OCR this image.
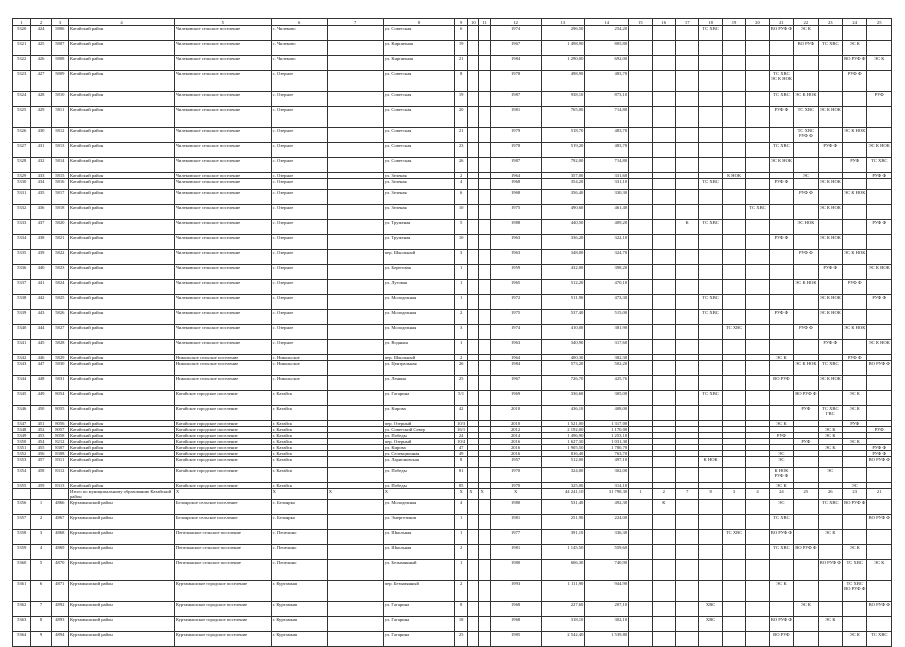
1	2	3	4	5	6	7	8	9	10	11	12	13	14	15	16	17	18	19	20	21	22	23	24	25
5320	424	5806	Катайский район	Чилековское сельское поселение	с. Чилеково		ул. Советская	6			1974	296,50	254,20				ТС ХВС			ВО РУФ Ф	ЭС К			
5321	425	5807	Катайский район	Чилековское сельское поселение	с. Чилеково		ул. Кирпичная	19			1967	1 498,90	805,80								ВО РУФ	ТС ХВС	ЭС К	
5322	426	5808	Катайский район	Чилековское сельское поселение	с. Чилеково		ул. Кирпичная	21			1984	1 290,00	692,00										ВО РУФ Ф	ЭС К
5323	427	5809	Катайский район	Чилековское сельское поселение	с. Озерное		ул. Советская	8			1978	498,90	483,70							ТС ХВС ЭС К НОК			РУФ Ф	
5324	428	5810	Катайский район	Чилековское сельское поселение	с. Озерное		ул. Советская	19			1987	938,10	873,10							ТС ХВС	ЭС К НОК			РУФ
5325	429	5811	Катайский район	Чилековское сельское поселение	с. Озерное		ул. Советская	20			1981	765,00	714,80							РУФ Ф	ТС ХВС	ЭС К НОК		
5326	430	5812	Катайский район	Чилековское сельское поселение	с. Озерное		ул. Советская	21			1979	518,70	483,70								ТС ХВС РУФ Ф		ЭС К НОК	
5327	431	5813	Катайский район	Чилековское сельское поселение	с. Озерное		ул. Советская	23			1978	519,20	483,70							ТС ХВС		РУФ Ф		ЭС К НОК
5328	432	5814	Катайский район	Чилековское сельское поселение	с. Озерное		ул. Советская	26			1987	792,00	714,80							ЭС К НОК			РУФ	ТС ХВС
5329	433	5815	Катайский район	Чилековское сельское поселение	с. Озерное		ул. Зеленая	2			1964	357,00	331,60					К НОК			ЭС			РУФ Ф
5330	434	5816	Катайский район	Чилековское сельское поселение	с. Озерное		ул. Зеленая	4			1968	354,20	331,10				ТС ХВС			РУФ Ф		ЭС К НОК		
5331	435	5817	Катайский район	Чилековское сельское поселение	с. Озерное		ул. Зеленая	6			1968	356,40	330,30								РУФ Ф		ЭС К НОК	
5332	436	5818	Катайский район	Чилековское сельское поселение	с. Озерное		ул. Зеленая	10			1975	490,60	461,40						ТС ХВС			ЭС К НОК		
5333	437	5820	Катайский район	Чилековское сельское поселение	с. Озерное		ул. Труженая	5			1988	440,50	409,20			К	ТС ХВС				ЭС НОК			РУФ Ф
5334	438	5821	Катайский район	Чилековское сельское поселение	с. Озерное		ул. Труженая	10			1963	336,20	322,10							РУФ Ф		ЭС К НОК		
5335	439	5822	Катайский район	Чилековское сельское поселение	с. Озерное		пер. Школьный	3			1963	348,00	324,70								РУФ Ф		ЭС К НОК	
5336	440	5823	Катайский район	Чилековское сельское поселение	с. Озерное		ул. Береговая	1			1959	432,00	398,20									РУФ Ф		ЭС К НОК
5337	441	5824	Катайский район	Чилековское сельское поселение	с. Озерное		ул. Луговая	1			1965	512,20	470,10								ЭС К НОК		РУФ Ф	
5338	442	5825	Катайский район	Чилековское сельское поселение	с. Озерное		ул. Молодежная	1			1972	511,90	473,30				ТС ХВС					ЭС К НОК		РУФ Ф
5339	443	5826	Катайский район	Чилековское сельское поселение	с. Озерное		ул. Молодежная	2			1975	537,40	515,00				ТС ХВС			РУФ Ф		ЭС К НОК		
5340	444	5827	Катайский район	Чилековское сельское поселение	с. Озерное		ул. Молодежная	3			1974	410,00	381,90					ТС ХВС			РУФ Ф		ЭС К НОК	
5341	445	5828	Катайский район	Чилековское сельское поселение	с. Озерное		ул. Водяная	1			1963	340,90	317,60									РУФ Ф		ЭС К НОК
5342	446	5829	Катайский район	Никольское сельское поселение	с. Никольское		пер. Школьный	2			1964	400,30	382,30							ЭС К			РУФ Ф	
5343	447	5830	Катайский район	Никольское сельское поселение	с. Никольское		ул. Центральная	26			1984	573,20	502,20								ЭС К НОК	ТС ХВС		ВО РУФ Ф
5344	448	5831	Катайский район	Никольское сельское поселение	с. Никольское		ул. Ленина	25			1967	726,70	425,76							ВО РУФ		ЭС К НОК		
5345	449	8054	Катайский район	Катайское городское поселение	г. Катайск		ул. Гагарина	5/1			1969	336,60	305,00				ТС ХВС				ВО РУФ Ф		ЭС К	
5346	450	8055	Катайский район	Катайское городское поселение	г. Катайск		ул. Кирова	42			2010	436,10	408,00								РУФ	ТС ХВС ГВС	ЭС К	
5347	451	8056	Катайский район	Катайское городское поселение	г. Катайск		пер. Озерный	10/3			2010	1 521,00	1 317,00							ЭС К			РУФ	
5348	452	8057	Катайский район	Катайское городское поселение	г. Катайск		ул. Советский Север	16/1			2012	2 192,00	1 170,00									ЭС К		РУФ
5349	453	8058	Катайский район	Катайское городское поселение	г. Катайск		ул. Победы	24			2014	1 496,90	1 253,10							РУФ		ЭС К		
5350	454	8212	Катайский район	Катайское городское поселение	г. Катайск		пер. Озерный	10/4			2016	1 627,30	1 031,30								РУФ		ЭС К	
5351	455	8307	Катайский район	Катайское городское поселение	г. Катайск		ул. Кирова	47			2016	1 905,50	1 780,70									ЭС К		РУФ Ф
5352	456	8308	Катайский район	Катайское городское поселение	г. Катайск		ул. Селекционная	49			2016	816,40	763,70							ЭС				РУФ Ф
5353	457	8311	Катайский район	Катайское городское поселение	г. Катайск		ул. Ларионовская	8			1957	512,00	497,10				К НОК			ЭС				ВО РУФ Ф
5354	458	8312	Катайский район	Катайское городское поселение	г. Катайск		ул. Победы	81			1970	324,00	302,00							К НОК РУФ Ф		ЭС		
5355	459	8313	Катайский район	Катайское городское поселение	г. Катайск		ул. Победы	85			1970	325,00	314,10							ЭС К			ЭС	
			Итого по муниципальному образованию Катайский район	Х	Х	Х	Х	Х	Х	Х	Х	44 241,10	31 798,30	1	2	7	8	3	4	24	25	26	23	21
5356	1	4866	Куртамышский район	Белоярское сельское поселение	с. Белоярка		ул. Молодежная	4			1980	531,40	492,30		К					ЭС		ТС ХВС	ВО РУФ Ф	
5357	2	4867	Куртамышский район	Белоярское сельское поселение	с. Белоярка		ул. Энергетиков	1			1981	251,90	224,00							ТС ХВС				ВО РУФ Ф
5358	3	4868	Куртамышский район	Пепелинское сельское поселение	с. Пепелино		ул. Школьная	1			1977	391,10	336,30					ТС ХВС		ВО РУФ Ф		ЭС К		
5359	4	4869	Куртамышский район	Пепелинское сельское поселение	с. Пепелино		ул. Школьная	2			1981	1 145,50	559,60							ТС ХВС	ВО РУФ Ф		ЭС К	
5360	5	4870	Куртамышский район	Пепелинское сельское поселение	с. Пепелино		ул. Безымянный	1			1980	606,30	740,90									ВО РУФ Ф	ТС ХВС	ЭС К
5361	6	4871	Куртамышский район	Куртамышское городское поселение	г. Куртамыш		пер. Безымянный	2			1993	1 111,90	944,90							ЭС К			ТС ХВС ВО РУФ Ф	
5362	7	4892	Куртамышский район	Куртамышское городское поселение	г. Куртамыш		ул. Гагарина	8			1968	227,60	207,10				ХВС				ЭС К			ВО РУФ Ф
5363	8	4893	Куртамышский район	Куртамышское городское поселение	г. Куртамыш		ул. Гагарина	18			1968	318,10	302,10				ХВС			ВО РУФ Ф		ЭС К		
5364	9	4894	Куртамышский район	Куртамышское городское поселение	г. Куртамыш		ул. Гагарина	25			1985	2 542,40	1 539,80							ВО РУФ			ЭС К	ТС ХВС
